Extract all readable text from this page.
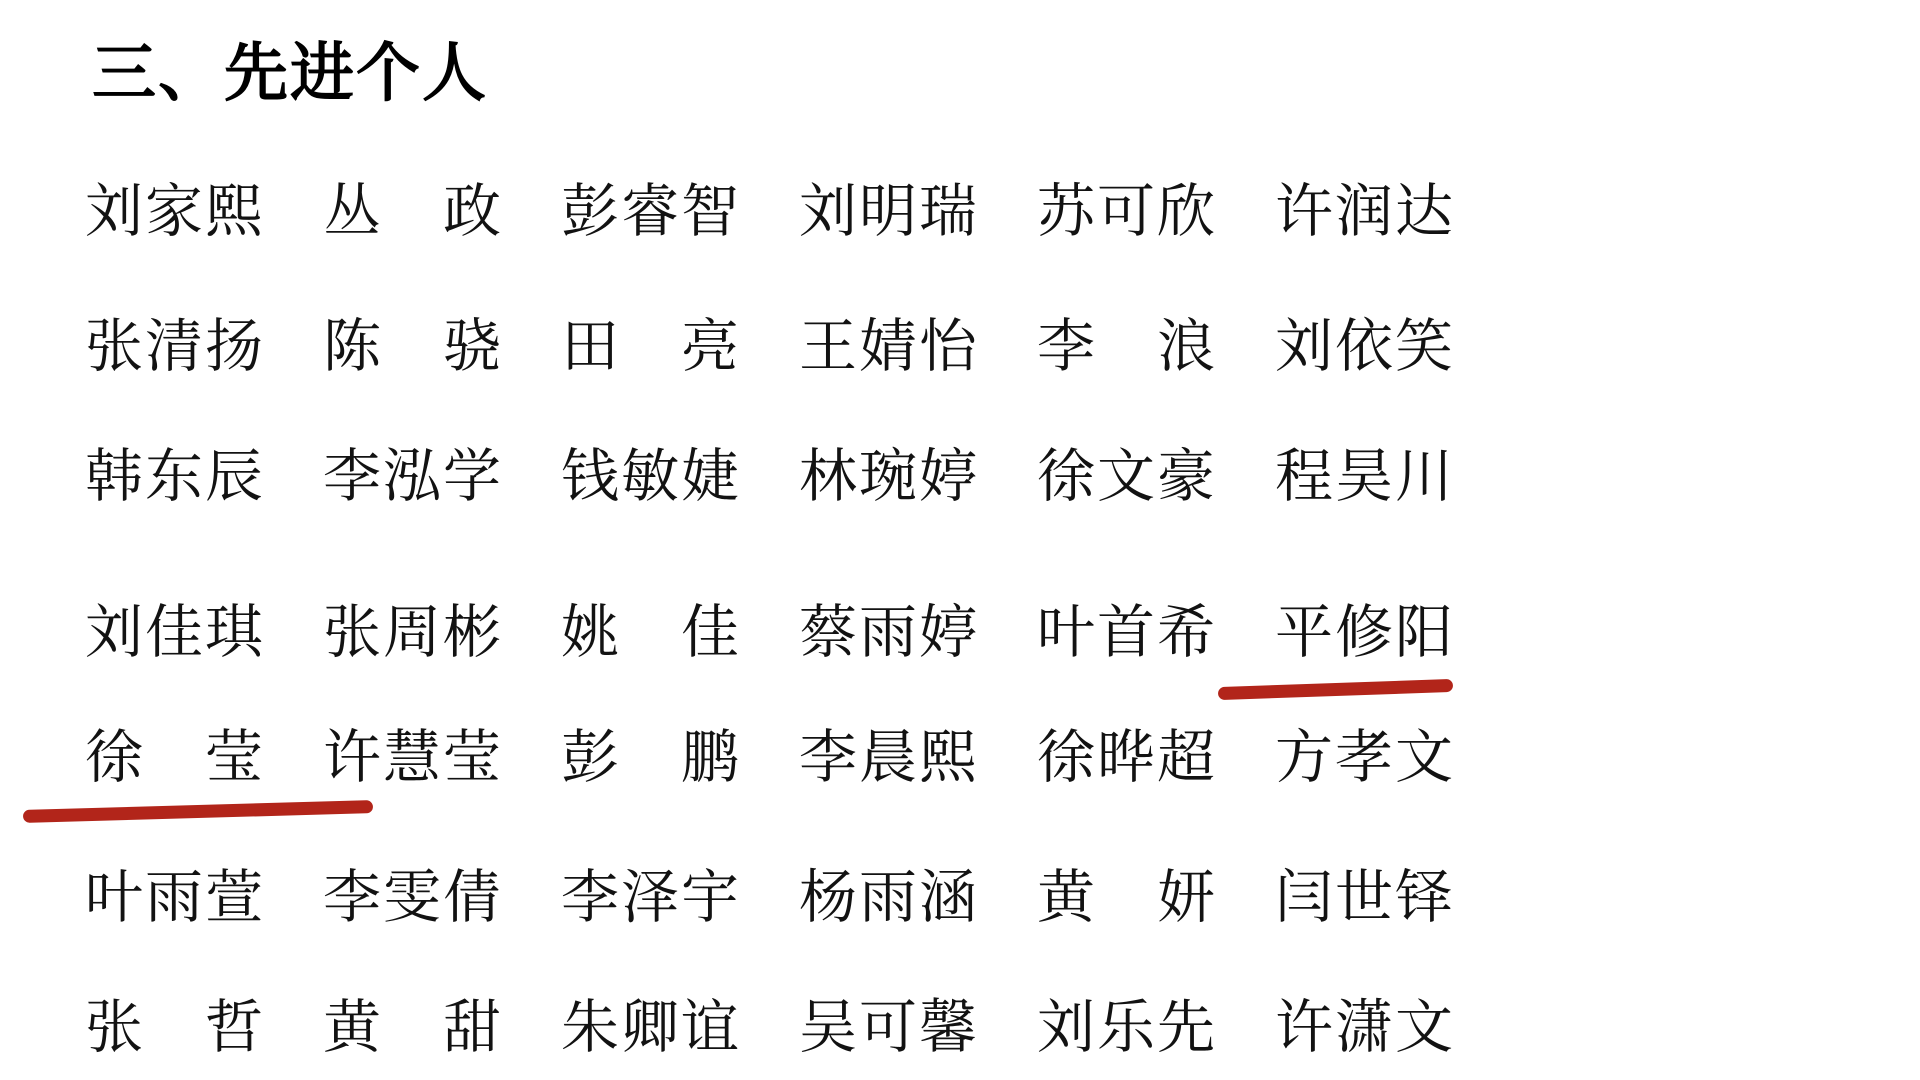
三、先进个人
刘 家 熙 丛 政 彭 睿 智 刘 明 瑞 苏 可 欣 许 润 达
张 清 扬 陈 骁 田 亮 王 婧 怡 李 浪 刘 依 笑
韩 东 辰 李 泓 学 钱 敏 婕 林 琬 婷 徐 文 豪 程 昊 川
刘 佳 琪 张 周 彬 姚 佳 蔡 雨 婷 叶 首 希 平 修 阳
徐 莹 许 慧 莹 彭 鹏 李 晨 熙 徐 晔 超 方 孝 文
叶 雨 萱 李 雯 倩 李 泽 宇 杨 雨 涵 黄 妍 闫 世 铎
张 哲 黄 甜 朱 卿 谊 吴 可 馨 刘 乐 先 许 潇 文
